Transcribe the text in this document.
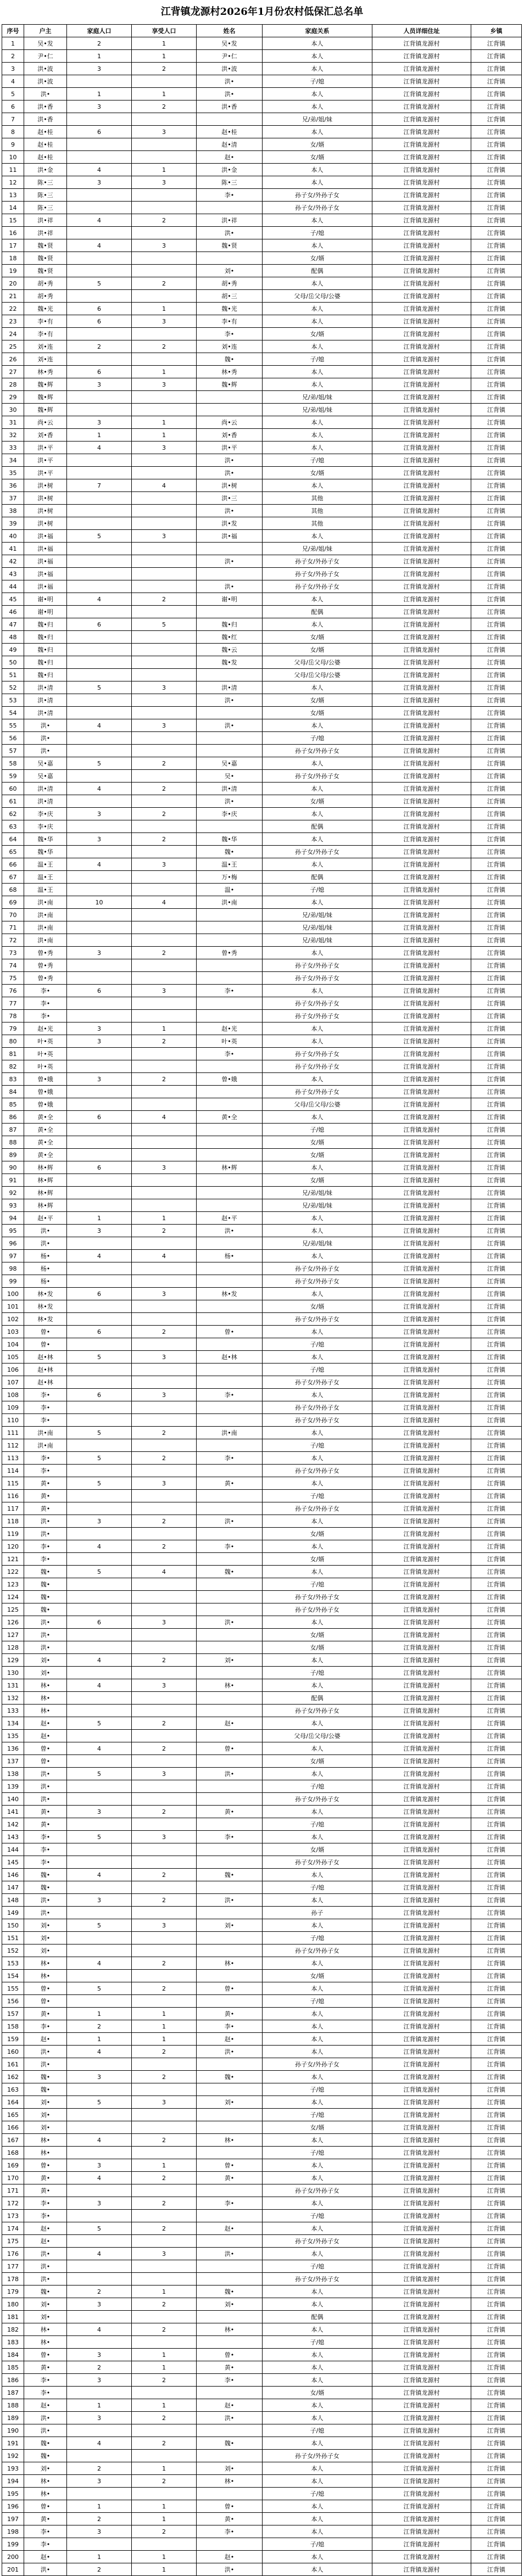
江背镇龙源村2026年1月份农村低保汇总名单
序号	户主	家庭人口	享受人口	姓名	家庭关系	人员详细住址	乡镇
1	吴•发	2	1	吴•发	本人	江背镇龙源村	江背镇
2	尹•仁	1	1	尹•仁	本人	江背镇龙源村	江背镇
3	洪•波	3	2	洪•波	本人	江背镇龙源村	江背镇
4	洪•波			洪•	子/媳	江背镇龙源村	江背镇
5	洪•	1	1	洪•	本人	江背镇龙源村	江背镇
6	洪•香	3	2	洪•香	本人	江背镇龙源村	江背镇
7	洪•香				兄/弟/姐/妹	江背镇龙源村	江背镇
8	赵•桂	6	3	赵•桂	本人	江背镇龙源村	江背镇
9	赵•桂			赵•清	女/婿	江背镇龙源村	江背镇
10	赵•桂			赵•	女/婿	江背镇龙源村	江背镇
11	洪•金	4	1	洪•金	本人	江背镇龙源村	江背镇
12	陈•三	3	3	陈•三	本人	江背镇龙源村	江背镇
13	陈•三			李•	孙子女/外孙子女	江背镇龙源村	江背镇
14	陈•三				孙子女/外孙子女	江背镇龙源村	江背镇
15	洪•祥	4	2	洪•祥	本人	江背镇龙源村	江背镇
16	洪•祥			洪•	子/媳	江背镇龙源村	江背镇
17	魏•贤	4	3	魏•贤	本人	江背镇龙源村	江背镇
18	魏•贤				女/婿	江背镇龙源村	江背镇
19	魏•贤			刘•	配偶	江背镇龙源村	江背镇
20	胡•秀	5	2	胡•秀	本人	江背镇龙源村	江背镇
21	胡•秀			胡•三	父母/岳父母/公婆	江背镇龙源村	江背镇
22	魏•光	6	1	魏•光	本人	江背镇龙源村	江背镇
23	李•有	6	3	李•有	本人	江背镇龙源村	江背镇
24	李•有			李•	女/婿	江背镇龙源村	江背镇
25	刘•连	2	2	刘•连	本人	江背镇龙源村	江背镇
26	刘•连			魏•	子/媳	江背镇龙源村	江背镇
27	林•秀	6	1	林•秀	本人	江背镇龙源村	江背镇
28	魏•辉	3	3	魏•辉	本人	江背镇龙源村	江背镇
29	魏•辉				兄/弟/姐/妹	江背镇龙源村	江背镇
30	魏•辉				兄/弟/姐/妹	江背镇龙源村	江背镇
31	尚•云	3	1	尚•云	本人	江背镇龙源村	江背镇
32	刘•香	1	1	刘•香	本人	江背镇龙源村	江背镇
33	洪•平	4	3	洪•平	本人	江背镇龙源村	江背镇
34	洪•平			洪•	子/媳	江背镇龙源村	江背镇
35	洪•平			洪•	女/婿	江背镇龙源村	江背镇
36	洪•树	7	4	洪•树	本人	江背镇龙源村	江背镇
37	洪•树			洪•三	其他	江背镇龙源村	江背镇
38	洪•树			洪•	其他	江背镇龙源村	江背镇
39	洪•树			洪•发	其他	江背镇龙源村	江背镇
40	洪•福	5	3	洪•福	本人	江背镇龙源村	江背镇
41	洪•福				兄/弟/姐/妹	江背镇龙源村	江背镇
42	洪•福			洪•	孙子女/外孙子女	江背镇龙源村	江背镇
43	洪•福				孙子女/外孙子女	江背镇龙源村	江背镇
44	洪•福			洪•	孙子女/外孙子女	江背镇龙源村	江背镇
45	谢•明	4	2	谢•明	本人	江背镇龙源村	江背镇
46	谢•明				配偶	江背镇龙源村	江背镇
47	魏•归	6	5	魏•归	本人	江背镇龙源村	江背镇
48	魏•归			魏•红	女/婿	江背镇龙源村	江背镇
49	魏•归			魏•云	女/婿	江背镇龙源村	江背镇
50	魏•归			魏•发	父母/岳父母/公婆	江背镇龙源村	江背镇
51	魏•归				父母/岳父母/公婆	江背镇龙源村	江背镇
52	洪•清	5	3	洪•清	本人	江背镇龙源村	江背镇
53	洪•清			洪•	女/婿	江背镇龙源村	江背镇
54	洪•清				女/婿	江背镇龙源村	江背镇
55	洪•	4	3	洪•	本人	江背镇龙源村	江背镇
56	洪•				子/媳	江背镇龙源村	江背镇
57	洪•				孙子女/外孙子女	江背镇龙源村	江背镇
58	吴•嘉	5	2	吴•嘉	本人	江背镇龙源村	江背镇
59	吴•嘉			吴•	孙子女/外孙子女	江背镇龙源村	江背镇
60	洪•清	4	2	洪•清	本人	江背镇龙源村	江背镇
61	洪•清			洪•	女/婿	江背镇龙源村	江背镇
62	李•庆	3	2	李•庆	本人	江背镇龙源村	江背镇
63	李•庆				配偶	江背镇龙源村	江背镇
64	魏•华	3	2	魏•华	本人	江背镇龙源村	江背镇
65	魏•华			魏•	孙子女/外孙子女	江背镇龙源村	江背镇
66	温•王	4	3	温•王	本人	江背镇龙源村	江背镇
67	温•王			万•梅	配偶	江背镇龙源村	江背镇
68	温•王			温•	子/媳	江背镇龙源村	江背镇
69	洪•南	10	4	洪•南	本人	江背镇龙源村	江背镇
70	洪•南				兄/弟/姐/妹	江背镇龙源村	江背镇
71	洪•南				兄/弟/姐/妹	江背镇龙源村	江背镇
72	洪•南				兄/弟/姐/妹	江背镇龙源村	江背镇
73	曾•秀	3	2	曾•秀	本人	江背镇龙源村	江背镇
74	曾•秀				孙子女/外孙子女	江背镇龙源村	江背镇
75	曾•秀				孙子女/外孙子女	江背镇龙源村	江背镇
76	李•	6	3	李•	本人	江背镇龙源村	江背镇
77	李•				孙子女/外孙子女	江背镇龙源村	江背镇
78	李•				孙子女/外孙子女	江背镇龙源村	江背镇
79	赵•光	3	1	赵•光	本人	江背镇龙源村	江背镇
80	叶•英	3	2	叶•英	本人	江背镇龙源村	江背镇
81	叶•英			李•	孙子女/外孙子女	江背镇龙源村	江背镇
82	叶•英				孙子女/外孙子女	江背镇龙源村	江背镇
83	曾•娥	3	2	曾•娥	本人	江背镇龙源村	江背镇
84	曾•娥				孙子女/外孙子女	江背镇龙源村	江背镇
85	曾•娥				父母/岳父母/公婆	江背镇龙源村	江背镇
86	黄•全	6	4	黄•全	本人	江背镇龙源村	江背镇
87	黄•全				子/媳	江背镇龙源村	江背镇
88	黄•全				女/婿	江背镇龙源村	江背镇
89	黄•全				女/婿	江背镇龙源村	江背镇
90	林•辉	6	3	林•辉	本人	江背镇龙源村	江背镇
91	林•辉				女/婿	江背镇龙源村	江背镇
92	林•辉				兄/弟/姐/妹	江背镇龙源村	江背镇
93	林•辉				兄/弟/姐/妹	江背镇龙源村	江背镇
94	赵•平	1	1	赵•平	本人	江背镇龙源村	江背镇
95	洪•	3	2	洪•	本人	江背镇龙源村	江背镇
96	洪•				兄/弟/姐/妹	江背镇龙源村	江背镇
97	杨•	4	4	杨•	本人	江背镇龙源村	江背镇
98	杨•				孙子女/外孙子女	江背镇龙源村	江背镇
99	杨•				孙子女/外孙子女	江背镇龙源村	江背镇
100	林•发	6	3	林•发	本人	江背镇龙源村	江背镇
101	林•发				女/婿	江背镇龙源村	江背镇
102	林•发				孙子女/外孙子女	江背镇龙源村	江背镇
103	曾•	6	2	曾•	本人	江背镇龙源村	江背镇
104	曾•				子/媳	江背镇龙源村	江背镇
105	赵•林	5	3	赵•林	本人	江背镇龙源村	江背镇
106	赵•林				子/媳	江背镇龙源村	江背镇
107	赵•林				孙子女/外孙子女	江背镇龙源村	江背镇
108	李•	6	3	李•	本人	江背镇龙源村	江背镇
109	李•				孙子女/外孙子女	江背镇龙源村	江背镇
110	李•				孙子女/外孙子女	江背镇龙源村	江背镇
111	洪•南	5	2	洪•南	本人	江背镇龙源村	江背镇
112	洪•南				子/媳	江背镇龙源村	江背镇
113	李•	5	2	李•	本人	江背镇龙源村	江背镇
114	李•				孙子女/外孙子女	江背镇龙源村	江背镇
115	黄•	5	3	黄•	本人	江背镇龙源村	江背镇
116	黄•				子/媳	江背镇龙源村	江背镇
117	黄•				孙子女/外孙子女	江背镇龙源村	江背镇
118	洪•	3	2	洪•	本人	江背镇龙源村	江背镇
119	洪•				女/婿	江背镇龙源村	江背镇
120	李•	4	2	李•	本人	江背镇龙源村	江背镇
121	李•				女/婿	江背镇龙源村	江背镇
122	魏•	5	4	魏•	本人	江背镇龙源村	江背镇
123	魏•				子/媳	江背镇龙源村	江背镇
124	魏•				孙子女/外孙子女	江背镇龙源村	江背镇
125	魏•				孙子女/外孙子女	江背镇龙源村	江背镇
126	洪•	6	3	洪•	本人	江背镇龙源村	江背镇
127	洪•				女/婿	江背镇龙源村	江背镇
128	洪•				女/婿	江背镇龙源村	江背镇
129	刘•	4	2	刘•	本人	江背镇龙源村	江背镇
130	刘•				子/媳	江背镇龙源村	江背镇
131	林•	4	3	林•	本人	江背镇龙源村	江背镇
132	林•				配偶	江背镇龙源村	江背镇
133	林•				孙子女/外孙子女	江背镇龙源村	江背镇
134	赵•	5	2	赵•	本人	江背镇龙源村	江背镇
135	赵•				父母/岳父母/公婆	江背镇龙源村	江背镇
136	曾•	4	2	曾•	本人	江背镇龙源村	江背镇
137	曾•				女/婿	江背镇龙源村	江背镇
138	洪•	5	3	洪•	本人	江背镇龙源村	江背镇
139	洪•				子/媳	江背镇龙源村	江背镇
140	洪•				孙子女/外孙子女	江背镇龙源村	江背镇
141	黄•	3	2	黄•	本人	江背镇龙源村	江背镇
142	黄•				子/媳	江背镇龙源村	江背镇
143	李•	5	3	李•	本人	江背镇龙源村	江背镇
144	李•				女/婿	江背镇龙源村	江背镇
145	李•				孙子女/外孙子女	江背镇龙源村	江背镇
146	魏•	4	2	魏•	本人	江背镇龙源村	江背镇
147	魏•				子/媳	江背镇龙源村	江背镇
148	洪•	3	2	洪•	本人	江背镇龙源村	江背镇
149	洪•				孙子	江背镇龙源村	江背镇
150	刘•	5	3	刘•	本人	江背镇龙源村	江背镇
151	刘•				子/媳	江背镇龙源村	江背镇
152	刘•				孙子女/外孙子女	江背镇龙源村	江背镇
153	林•	4	2	林•	本人	江背镇龙源村	江背镇
154	林•				女/婿	江背镇龙源村	江背镇
155	曾•	5	2	曾•	本人	江背镇龙源村	江背镇
156	曾•				子/媳	江背镇龙源村	江背镇
157	黄•	1	1	黄•	本人	江背镇龙源村	江背镇
158	李•	2	1	李•	本人	江背镇龙源村	江背镇
159	赵•	1	1	赵•	本人	江背镇龙源村	江背镇
160	洪•	4	2	洪•	本人	江背镇龙源村	江背镇
161	洪•				孙子女/外孙子女	江背镇龙源村	江背镇
162	魏•	3	2	魏•	本人	江背镇龙源村	江背镇
163	魏•				子/媳	江背镇龙源村	江背镇
164	刘•	5	3	刘•	本人	江背镇龙源村	江背镇
165	刘•				子/媳	江背镇龙源村	江背镇
166	刘•				女/婿	江背镇龙源村	江背镇
167	林•	4	2	林•	本人	江背镇龙源村	江背镇
168	林•				子/媳	江背镇龙源村	江背镇
169	曾•	3	1	曾•	本人	江背镇龙源村	江背镇
170	黄•	4	2	黄•	本人	江背镇龙源村	江背镇
171	黄•				孙子女/外孙子女	江背镇龙源村	江背镇
172	李•	3	2	李•	本人	江背镇龙源村	江背镇
173	李•				子/媳	江背镇龙源村	江背镇
174	赵•	5	2	赵•	本人	江背镇龙源村	江背镇
175	赵•				孙子女/外孙子女	江背镇龙源村	江背镇
176	洪•	4	3	洪•	本人	江背镇龙源村	江背镇
177	洪•				子/媳	江背镇龙源村	江背镇
178	洪•				孙子女/外孙子女	江背镇龙源村	江背镇
179	魏•	2	1	魏•	本人	江背镇龙源村	江背镇
180	刘•	3	2	刘•	本人	江背镇龙源村	江背镇
181	刘•				配偶	江背镇龙源村	江背镇
182	林•	4	2	林•	本人	江背镇龙源村	江背镇
183	林•				子/媳	江背镇龙源村	江背镇
184	曾•	3	1	曾•	本人	江背镇龙源村	江背镇
185	黄•	2	1	黄•	本人	江背镇龙源村	江背镇
186	李•	3	2	李•	本人	江背镇龙源村	江背镇
187	李•				女/婿	江背镇龙源村	江背镇
188	赵•	1	1	赵•	本人	江背镇龙源村	江背镇
189	洪•	3	2	洪•	本人	江背镇龙源村	江背镇
190	洪•				子/媳	江背镇龙源村	江背镇
191	魏•	4	2	魏•	本人	江背镇龙源村	江背镇
192	魏•				孙子女/外孙子女	江背镇龙源村	江背镇
193	刘•	2	1	刘•	本人	江背镇龙源村	江背镇
194	林•	3	2	林•	本人	江背镇龙源村	江背镇
195	林•				子/媳	江背镇龙源村	江背镇
196	曾•	1	1	曾•	本人	江背镇龙源村	江背镇
197	黄•	2	1	黄•	本人	江背镇龙源村	江背镇
198	李•	3	2	李•	本人	江背镇龙源村	江背镇
199	李•				子/媳	江背镇龙源村	江背镇
200	赵•	1	1	赵•	本人	江背镇龙源村	江背镇
201	洪•	2	1	洪•	本人	江背镇龙源村	江背镇
